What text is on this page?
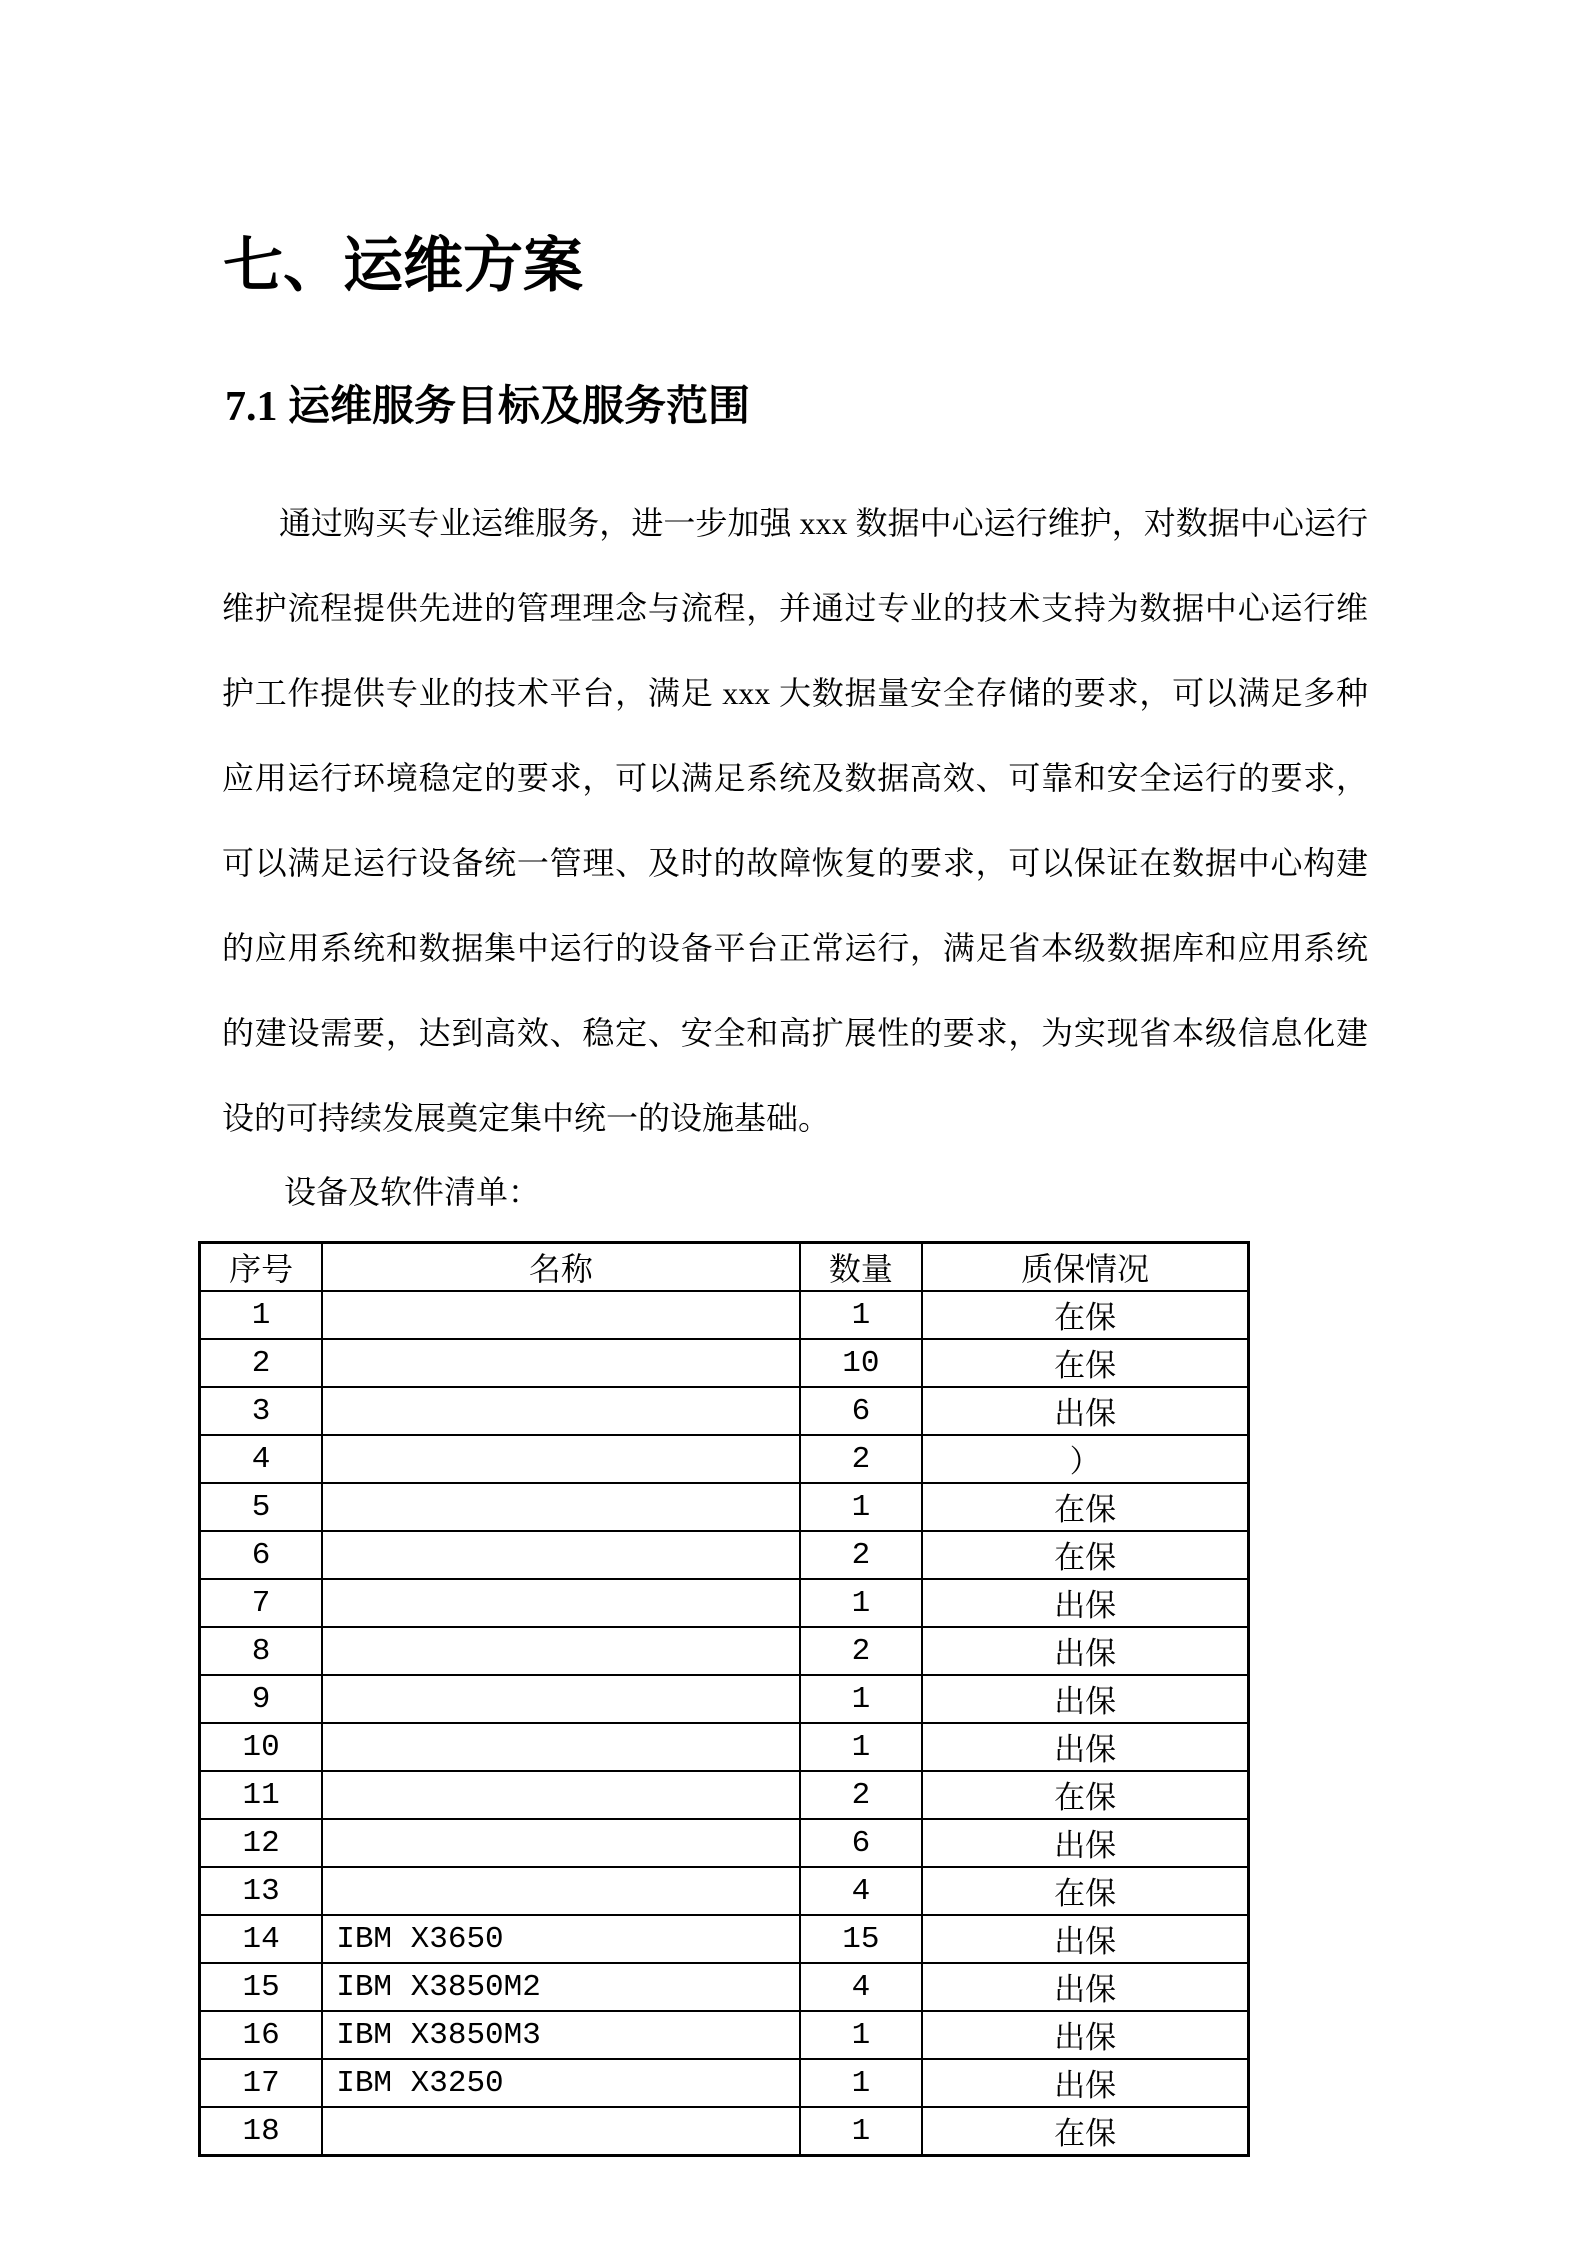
七、运维方案
7.1 运维服务目标及服务范围
通过购买专业运维服务，进一步加强 xxx 数据中心运行维护，对数据中心运行
维护流程提供先进的管理理念与流程，并通过专业的技术支持为数据中心运行维
护工作提供专业的技术平台，满足 xxx 大数据量安全存储的要求，可以满足多种
应用运行环境稳定的要求，可以满足系统及数据高效、可靠和安全运行的要求，
可以满足运行设备统一管理、及时的故障恢复的要求，可以保证在数据中心构建
的应用系统和数据集中运行的设备平台正常运行，满足省本级数据库和应用系统
的建设需要，达到高效、稳定、安全和高扩展性的要求，为实现省本级信息化建
设的可持续发展奠定集中统一的设施基础。
设备及软件清单：
序号	名称	数量	质保情况
1		1	在保
2		10	在保
3		6	出保
4		2	）
5		1	在保
6		2	在保
7		1	出保
8		2	出保
9		1	出保
10		1	出保
11		2	在保
12		6	出保
13		4	在保
14	IBM X3650	15	出保
15	IBM X3850M2	4	出保
16	IBM X3850M3	1	出保
17	IBM X3250	1	出保
18		1	在保
